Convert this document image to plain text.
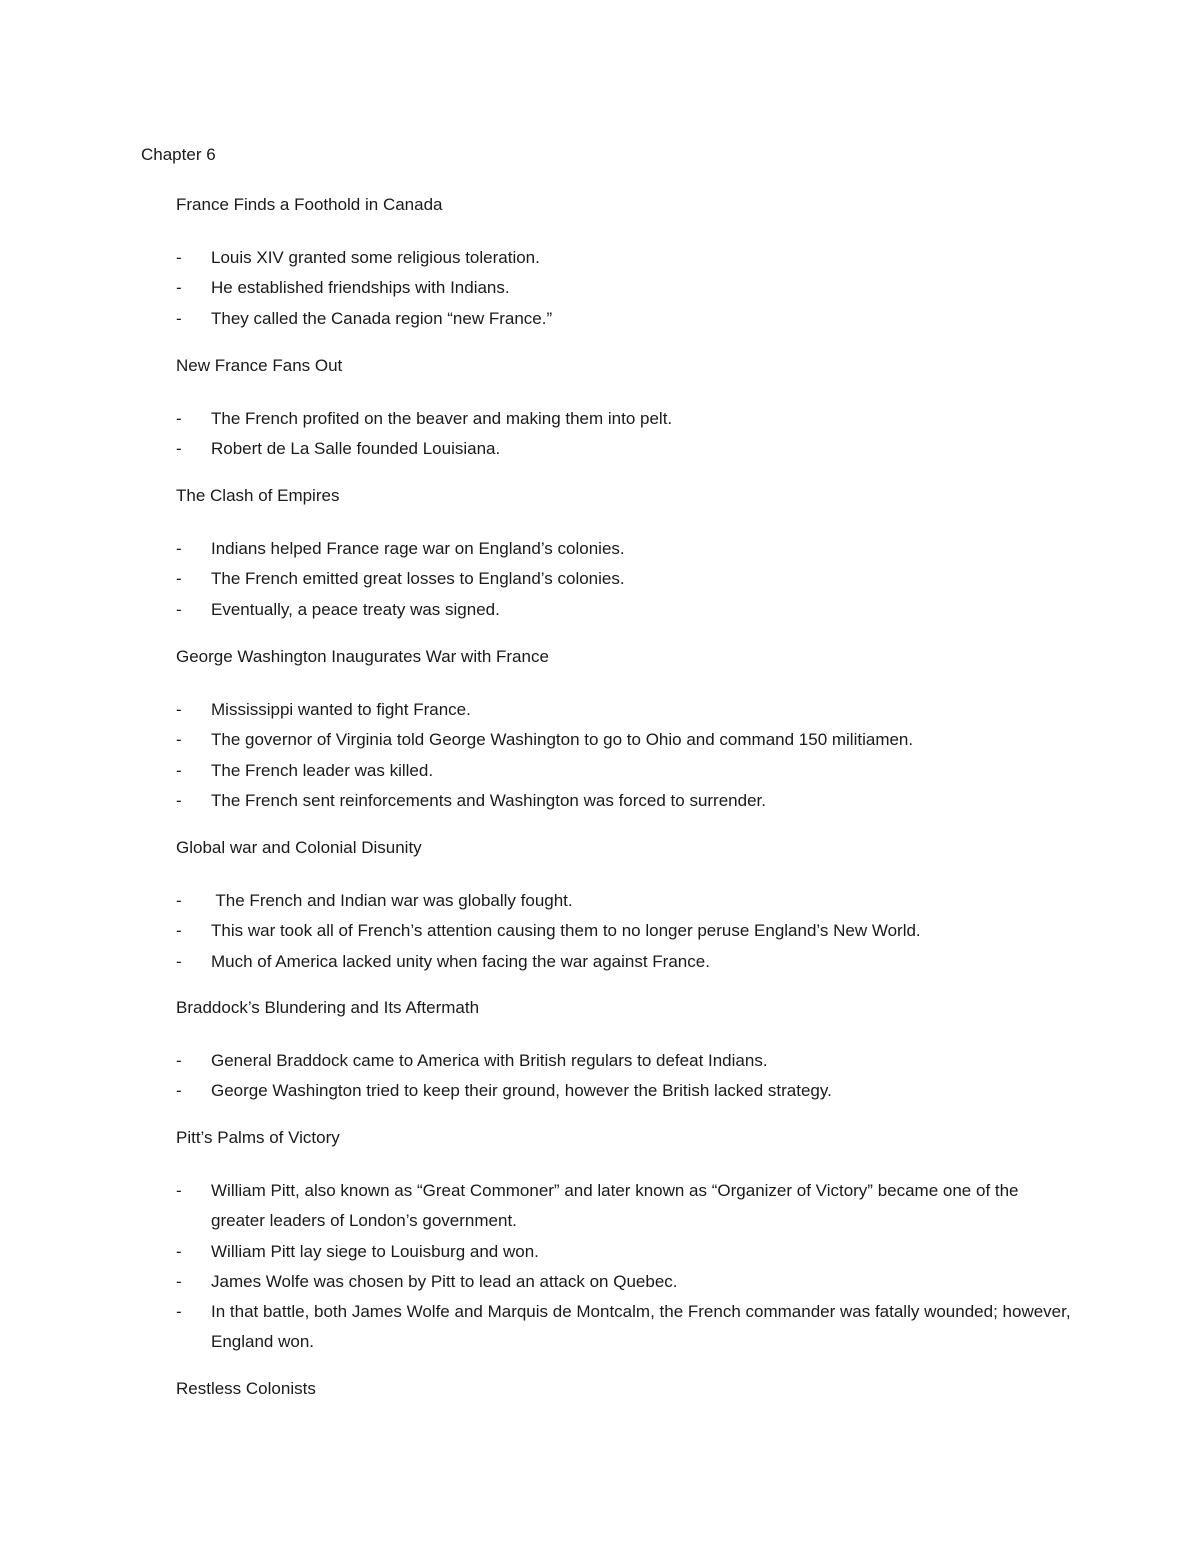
Chapter 6
France Finds a Foothold in Canada
-	Louis XIV granted some religious toleration.
-	He established friendships with Indians.
-	They called the Canada region “new France.”
New France Fans Out
-	The French profited on the beaver and making them into pelt.
-	Robert de La Salle founded Louisiana.
The Clash of Empires
-	Indians helped France rage war on England’s colonies.
-	The French emitted great losses to England’s colonies.
-	Eventually, a peace treaty was signed.
George Washington Inaugurates War with France
-	Mississippi wanted to fight France.
-	The governor of Virginia told George Washington to go to Ohio and command 150 militiamen.
-	The French leader was killed.
-	The French sent reinforcements and Washington was forced to surrender.
Global war and Colonial Disunity
-	The French and Indian war was globally fought.
-	This war took all of French’s attention causing them to no longer peruse England’s New World.
-	Much of America lacked unity when facing the war against France.
Braddock’s Blundering and Its Aftermath
-	General Braddock came to America with British regulars to defeat Indians.
-	George Washington tried to keep their ground, however the British lacked strategy.
Pitt’s Palms of Victory
-	William Pitt, also known as “Great Commoner” and later known as “Organizer of Victory” became one of the greater leaders of London’s government.
-	William Pitt lay siege to Louisburg and won.
-	James Wolfe was chosen by Pitt to lead an attack on Quebec.
-	In that battle, both James Wolfe and Marquis de Montcalm, the French commander was fatally wounded; however, England won.
Restless Colonists
